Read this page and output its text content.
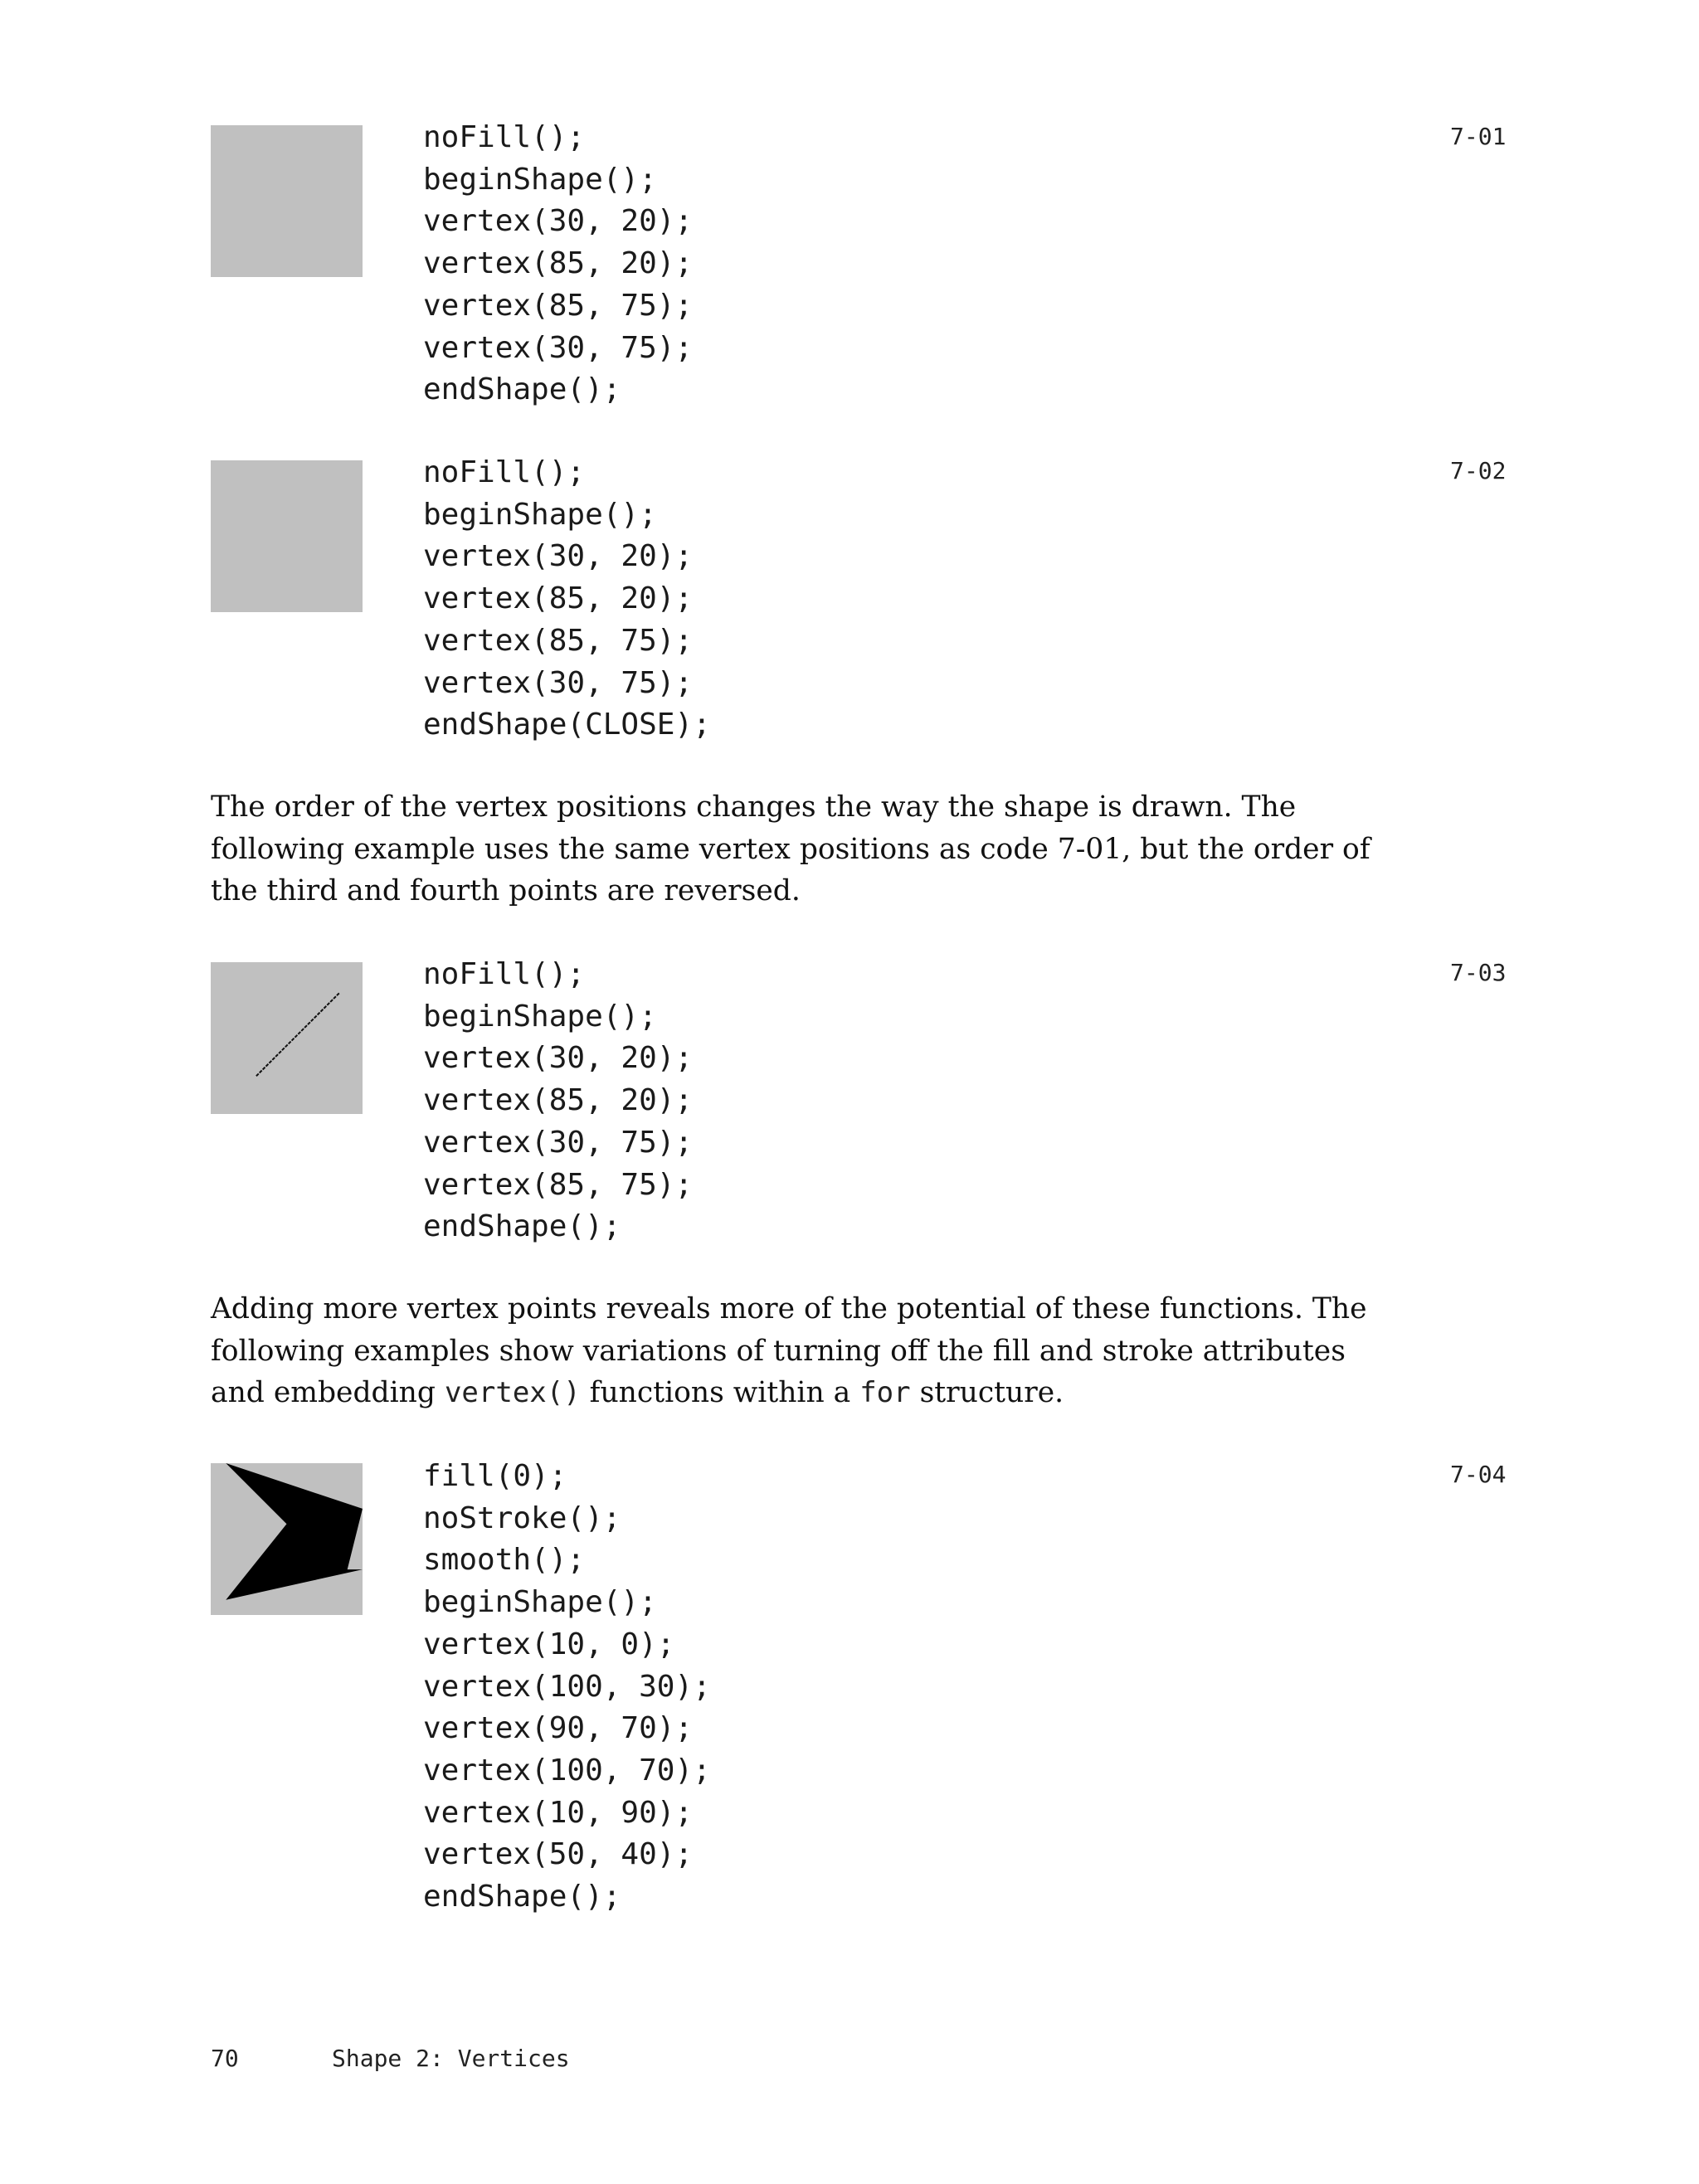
noFill();
beginShape();
vertex(30, 20);
vertex(85, 20);
vertex(85, 75);
vertex(30, 75);
endShape();
7-01
noFill();
beginShape();
vertex(30, 20);
vertex(85, 20);
vertex(85, 75);
vertex(30, 75);
endShape(CLOSE);
7-02

The order of the vertex positions changes the way the shape is drawn. The following example uses the same vertex positions as code 7-01, but the order of the third and fourth points are reversed.

noFill();
beginShape();
vertex(30, 20);
vertex(85, 20);
vertex(30, 75);
vertex(85, 75);
endShape();
7-03

Adding more vertex points reveals more of the potential of these functions. The following examples show variations of turning off the fill and stroke attributes and embedding vertex() functions within a for structure.

fill(0);
noStroke();
smooth();
beginShape();
vertex(10, 0);
vertex(100, 30);
vertex(90, 70);
vertex(100, 70);
vertex(10, 90);
vertex(50, 40);
endShape();
7-04
70	Shape 2: Vertices
